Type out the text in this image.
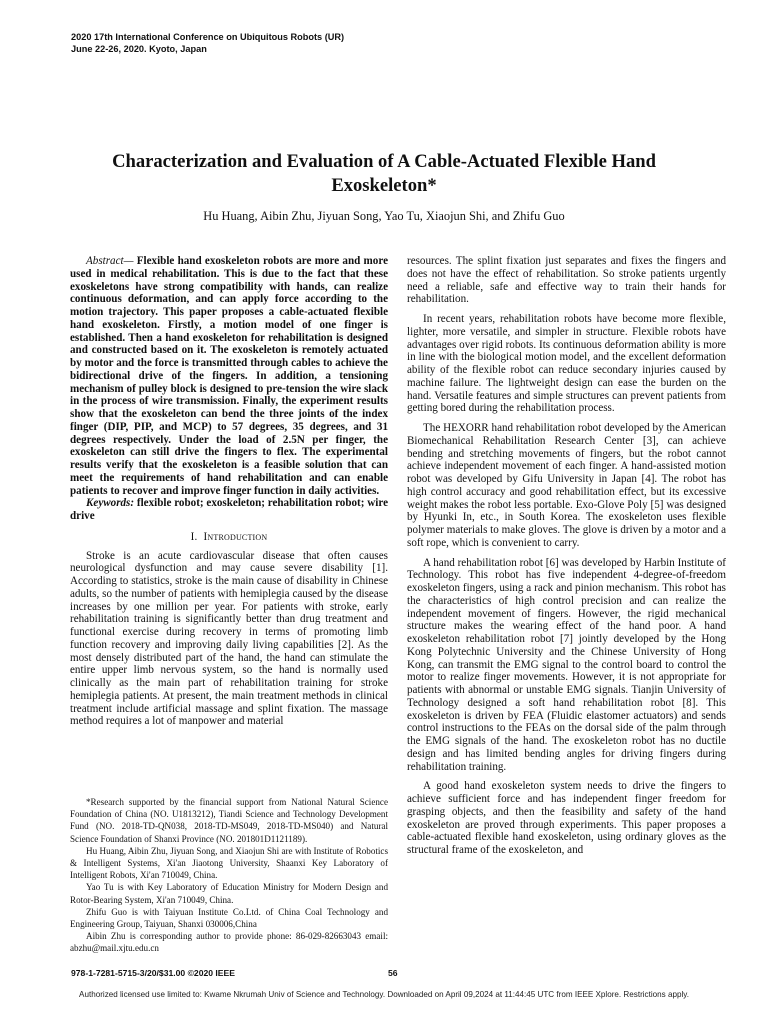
2020 17th International Conference on Ubiquitous Robots (UR)
June 22-26, 2020. Kyoto, Japan
Characterization and Evaluation of A Cable-Actuated Flexible Hand
Exoskeleton*
Hu Huang, Aibin Zhu, Jiyuan Song, Yao Tu, Xiaojun Shi, and Zhifu Guo

Abstract— Flexible hand exoskeleton robots are more and more used in medical rehabilitation. This is due to the fact that these exoskeletons have strong compatibility with hands, can realize continuous deformation, and can apply force according to the motion trajectory. This paper proposes a cable-actuated flexible hand exoskeleton. Firstly, a motion model of one finger is established. Then a hand exoskeleton for rehabilitation is designed and constructed based on it. The exoskeleton is remotely actuated by motor and the force is transmitted through cables to achieve the bidirectional drive of the fingers. In addition, a tensioning mechanism of pulley block is designed to pre-tension the wire slack in the process of wire transmission. Finally, the experiment results show that the exoskeleton can bend the three joints of the index finger (DIP, PIP, and MCP) to 57 degrees, 35 degrees, and 31 degrees respectively. Under the load of 2.5N per finger, the exoskeleton can still drive the fingers to flex. The experimental results verify that the exoskeleton is a feasible solution that can meet the requirements of hand rehabilitation and can enable patients to recover and improve finger function in daily activities.

Keywords: flexible robot; exoskeleton; rehabilitation robot; wire drive

I. Introduction

Stroke is an acute cardiovascular disease that often causes neurological dysfunction and may cause severe disability [1]. According to statistics, stroke is the main cause of disability in Chinese adults, so the number of patients with hemiplegia caused by the disease increases by one million per year. For patients with stroke, early rehabilitation training is significantly better than drug treatment and functional exercise during recovery in terms of promoting limb function recovery and improving daily living capabilities [2]. As the most densely distributed part of the hand, the hand can stimulate the entire upper limb nervous system, so the hand is normally used clinically as the main part of rehabilitation training for stroke hemiplegia patients. At present, the main treatment methods in clinical treatment include artificial massage and splint fixation. The massage method requires a lot of manpower and material

resources. The splint fixation just separates and fixes the fingers and does not have the effect of rehabilitation. So stroke patients urgently need a reliable, safe and effective way to train their hands for rehabilitation.

In recent years, rehabilitation robots have become more flexible, lighter, more versatile, and simpler in structure. Flexible robots have advantages over rigid robots. Its continuous deformation ability is more in line with the biological motion model, and the excellent deformation ability of the flexible robot can reduce secondary injuries caused by machine failure. The lightweight design can ease the burden on the hand. Versatile features and simple structures can prevent patients from getting bored during the rehabilitation process.

The HEXORR hand rehabilitation robot developed by the American Biomechanical Rehabilitation Research Center [3], can achieve bending and stretching movements of fingers, but the robot cannot achieve independent movement of each finger. A hand-assisted motion robot was developed by Gifu University in Japan [4]. The robot has high control accuracy and good rehabilitation effect, but its excessive weight makes the robot less portable. Exo-Glove Poly [5] was designed by Hyunki In, etc., in South Korea. The exoskeleton uses flexible polymer materials to make gloves. The glove is driven by a motor and a soft rope, which is convenient to carry.

A hand rehabilitation robot [6] was developed by Harbin Institute of Technology. This robot has five independent 4-degree-of-freedom exoskeleton fingers, using a rack and pinion mechanism. This robot has the characteristics of high control precision and can realize the independent movement of fingers. However, the rigid mechanical structure makes the wearing effect of the hand poor. A hand exoskeleton rehabilitation robot [7] jointly developed by the Hong Kong Polytechnic University and the Chinese University of Hong Kong, can transmit the EMG signal to the control board to control the motor to realize finger movements. However, it is not appropriate for patients with abnormal or unstable EMG signals. Tianjin University of Technology designed a soft hand rehabilitation robot [8]. This exoskeleton is driven by FEA (Fluidic elastomer actuators) and sends control instructions to the FEAs on the dorsal side of the palm through the EMG signals of the hand. The exoskeleton robot has no ductile design and has limited bending angles for driving fingers during rehabilitation training.

A good hand exoskeleton system needs to drive the fingers to achieve sufficient force and has independent finger freedom for grasping objects, and then the feasibility and safety of the hand exoskeleton are proved through experiments. This paper proposes a cable-actuated flexible hand exoskeleton, using ordinary gloves as the structural frame of the exoskeleton, and

*Research supported by the financial support from National Natural Science Foundation of China (NO. U1813212), Tiandi Science and Technology Development Fund (NO. 2018-TD-QN038, 2018-TD-MS049, 2018-TD-MS040) and Natural Science Foundation of Shanxi Province (NO. 201801D1121189).

Hu Huang, Aibin Zhu, Jiyuan Song, and Xiaojun Shi are with Institute of Robotics & Intelligent Systems, Xi'an Jiaotong University, Shaanxi Key Laboratory of Intelligent Robots, Xi'an 710049, China.

Yao Tu is with Key Laboratory of Education Ministry for Modern Design and Rotor-Bearing System, Xi'an 710049, China.

Zhifu Guo is with Taiyuan Institute Co.Ltd. of China Coal Technology and Engineering Group, Taiyuan, Shanxi 030006,China

Aibin Zhu is corresponding author to provide phone: 86-029-82663043 email: abzhu@mail.xjtu.edu.cn

978-1-7281-5715-3/20/$31.00 ©2020 IEEE	56
Authorized licensed use limited to: Kwame Nkrumah Univ of Science and Technology. Downloaded on April 09,2024 at 11:44:45 UTC from IEEE Xplore. Restrictions apply.
